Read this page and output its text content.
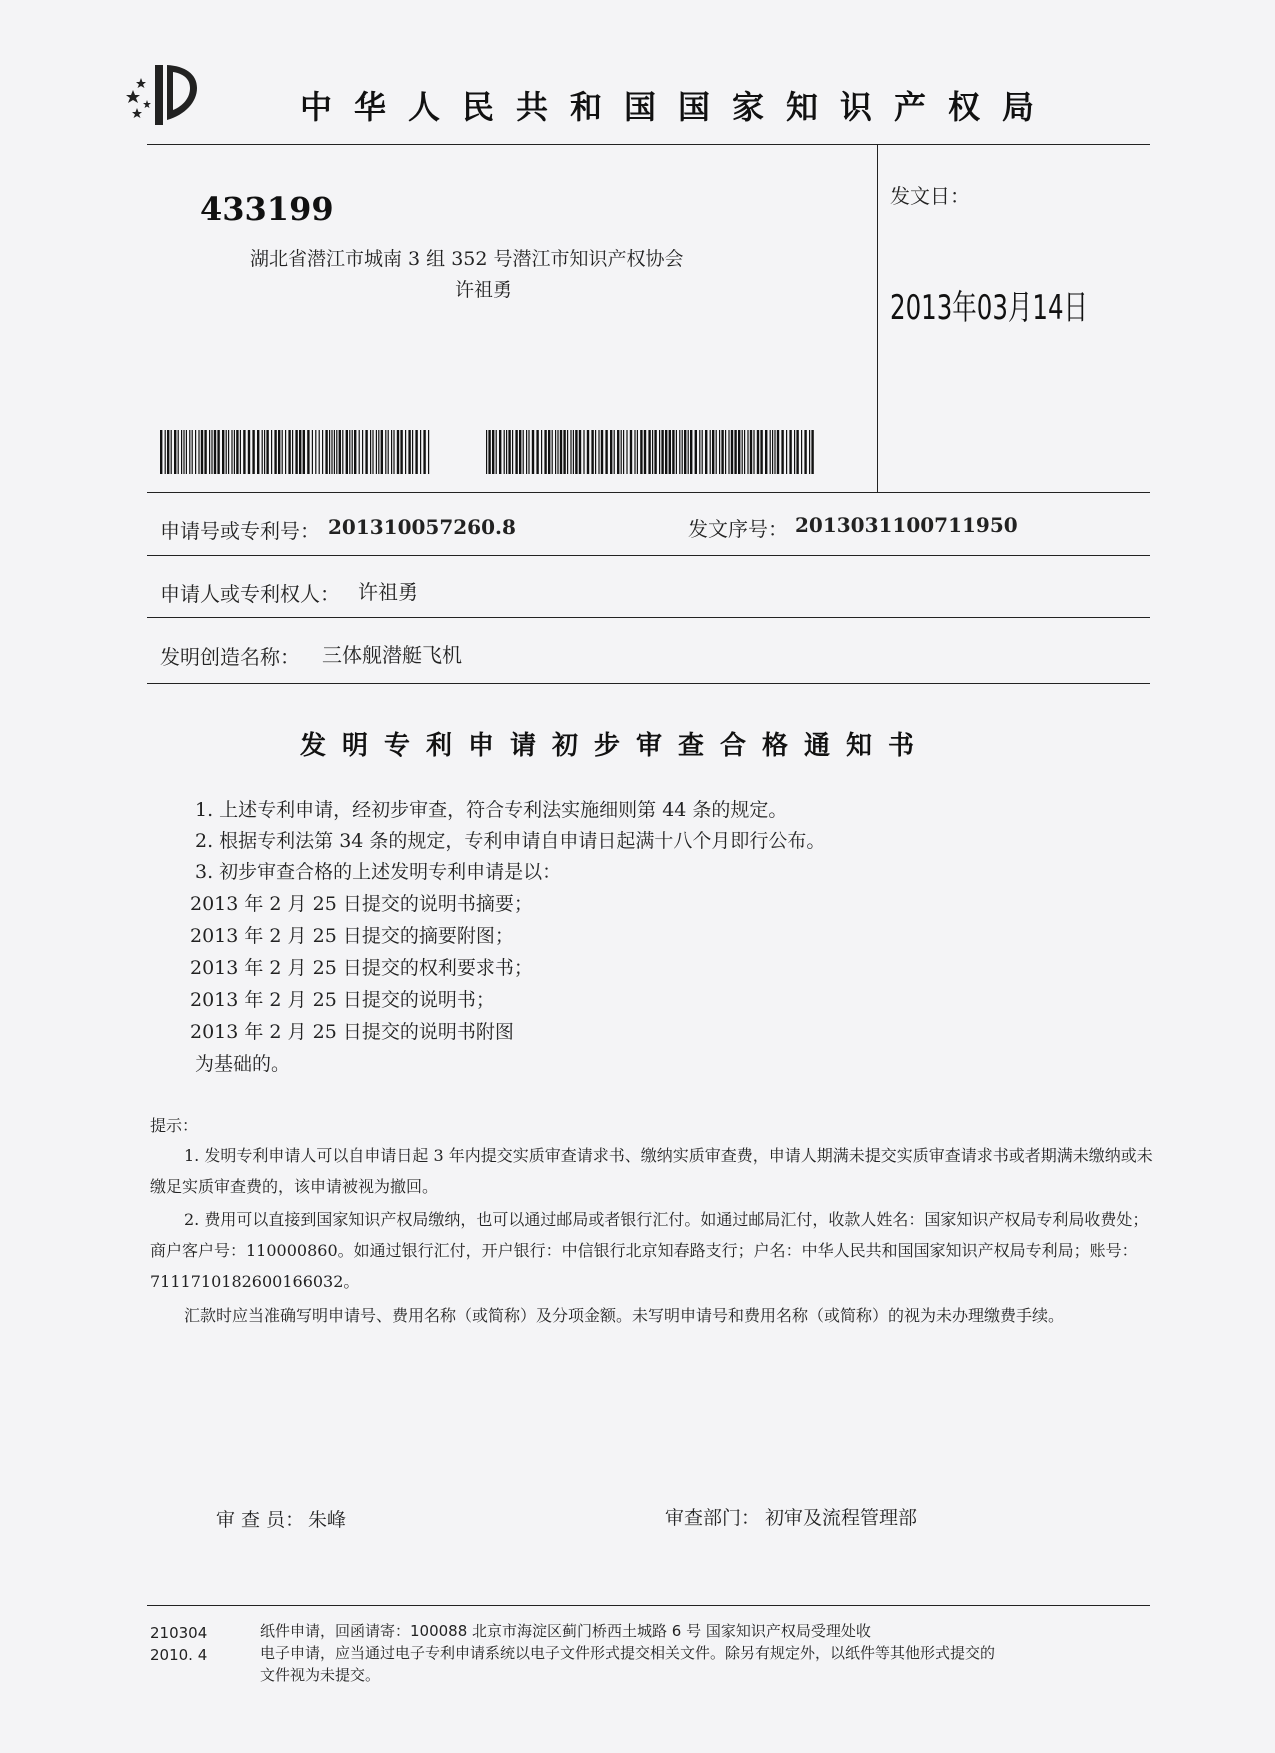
中华人民共和国国家知识产权局
433199
湖北省潜江市城南 3 组 352 号潜江市知识产权协会
许祖勇
发文日：
2013年03月14日
申请号或专利号： 201310057260.8	发文序号： 2013031100711950
申请人或专利权人： 许祖勇
发明创造名称： 三体舰潜艇飞机
发明专利申请初步审查合格通知书
1. 上述专利申请，经初步审查，符合专利法实施细则第 44 条的规定。
2. 根据专利法第 34 条的规定，专利申请自申请日起满十八个月即行公布。
3. 初步审查合格的上述发明专利申请是以：
2013 年 2 月 25 日提交的说明书摘要；
2013 年 2 月 25 日提交的摘要附图；
2013 年 2 月 25 日提交的权利要求书；
2013 年 2 月 25 日提交的说明书；
2013 年 2 月 25 日提交的说明书附图
为基础的。
提示：
1. 发明专利申请人可以自申请日起 3 年内提交实质审查请求书、缴纳实质审查费，申请人期满未提交实质审查请求书或者期满未缴纳或未缴足实质审查费的，该申请被视为撤回。
2. 费用可以直接到国家知识产权局缴纳，也可以通过邮局或者银行汇付。如通过邮局汇付，收款人姓名：国家知识产权局专利局收费处；商户客户号：110000860。如通过银行汇付，开户银行：中信银行北京知春路支行；户名：中华人民共和国国家知识产权局专利局；账号：7111710182600166032。
汇款时应当准确写明申请号、费用名称（或简称）及分项金额。未写明申请号和费用名称（或简称）的视为未办理缴费手续。
审 查 员： 朱峰	审查部门： 初审及流程管理部
210304
2010. 4
纸件申请，回函请寄：100088 北京市海淀区蓟门桥西土城路 6 号 国家知识产权局受理处收
电子申请，应当通过电子专利申请系统以电子文件形式提交相关文件。除另有规定外，以纸件等其他形式提交的
文件视为未提交。
